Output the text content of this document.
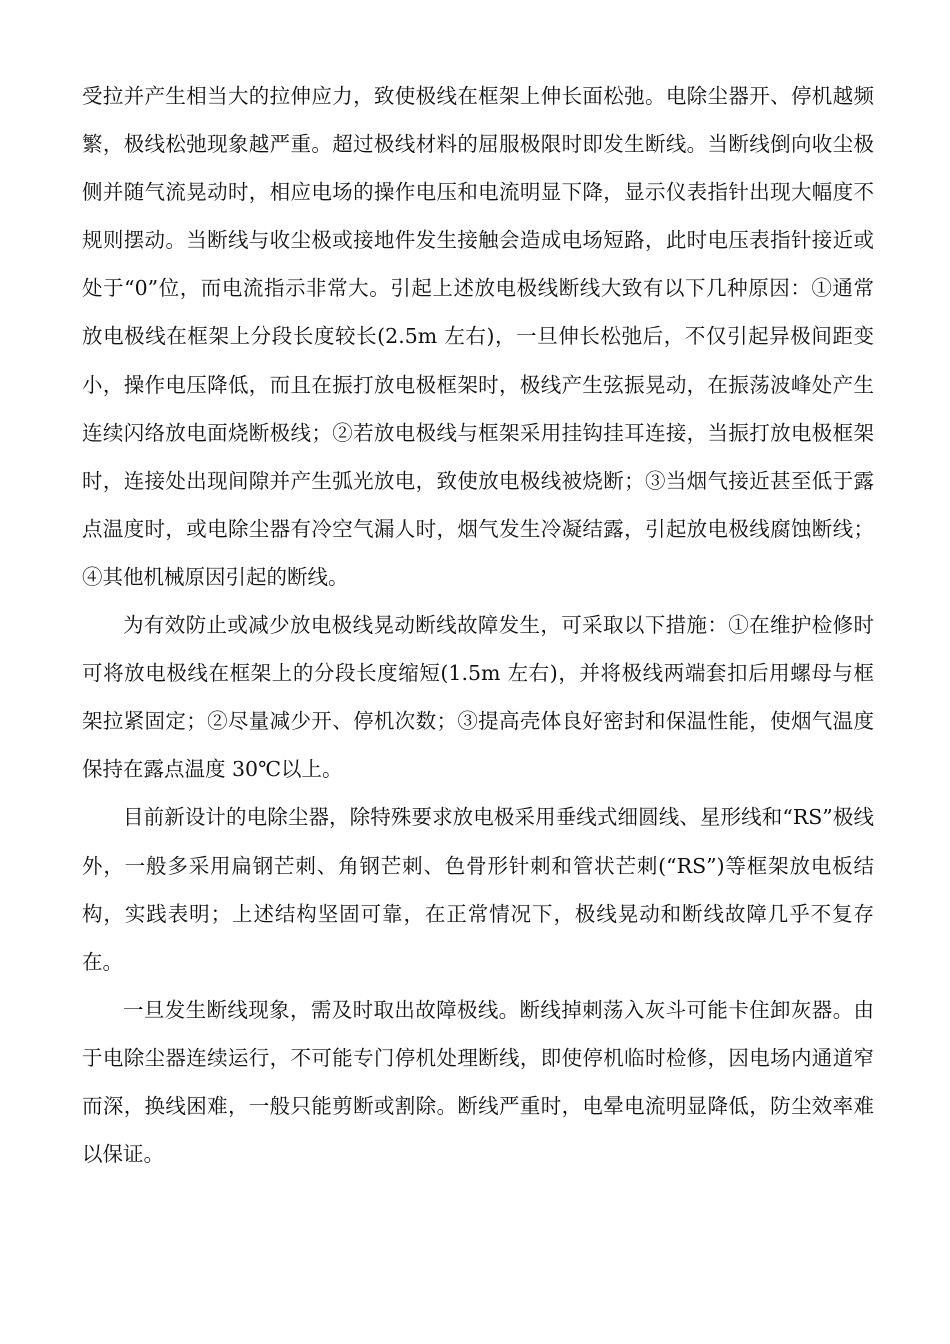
受拉并产生相当大的拉伸应力，致使极线在框架上伸长面松弛。电除尘器开、停机越频繁，极线松弛现象越严重。超过极线材料的屈服极限时即发生断线。当断线倒向收尘极侧并随气流晃动时，相应电场的操作电压和电流明显下降，显示仪表指针出现大幅度不规则摆动。当断线与收尘极或接地件发生接触会造成电场短路，此时电压表指针接近或处于“0”位，而电流指示非常大。引起上述放电极线断线大致有以下几种原因：①通常放电极线在框架上分段长度较长(2.5m 左右)，一旦伸长松弛后，不仅引起异极间距变小，操作电压降低，而且在振打放电极框架时，极线产生弦振晃动，在振荡波峰处产生连续闪络放电面烧断极线；②若放电极线与框架采用挂钩挂耳连接，当振打放电极框架时，连接处出现间隙并产生弧光放电，致使放电极线被烧断；③当烟气接近甚至低于露点温度时，或电除尘器有冷空气漏人时，烟气发生冷凝结露，引起放电极线腐蚀断线；④其他机械原因引起的断线。

为有效防止或减少放电极线晃动断线故障发生，可采取以下措施：①在维护检修时可将放电极线在框架上的分段长度缩短(1.5m 左右)，并将极线两端套扣后用螺母与框架拉紧固定；②尽量减少开、停机次数；③提高壳体良好密封和保温性能，使烟气温度保持在露点温度 30℃以上。

目前新设计的电除尘器，除特殊要求放电极采用垂线式细圆线、星形线和“RS”极线外，一般多采用扁钢芒刺、角钢芒刺、色骨形针刺和管状芒刺(“RS”)等框架放电板结构，实践表明；上述结构坚固可靠，在正常情况下，极线晃动和断线故障几乎不复存在。

一旦发生断线现象，需及时取出故障极线。断线掉刺荡入灰斗可能卡住卸灰器。由于电除尘器连续运行，不可能专门停机处理断线，即使停机临时检修，因电场内通道窄而深，换线困难，一般只能剪断或割除。断线严重时，电晕电流明显降低，防尘效率难以保证。
